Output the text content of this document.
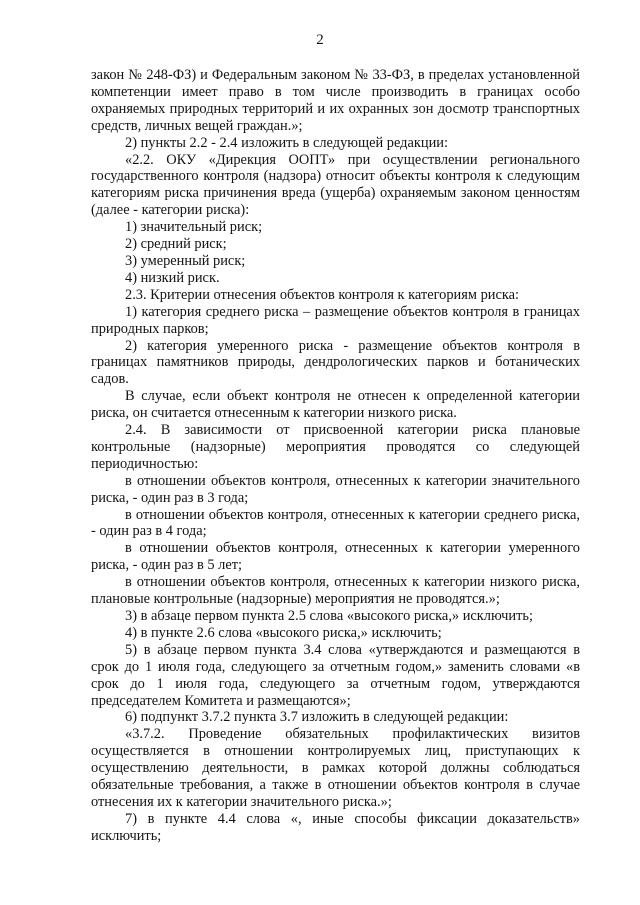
2

закон № 248-ФЗ) и Федеральным законом № 33-ФЗ, в пределах установленной компетенции имеет право в том числе производить в границах особо охраняемых природных территорий и их охранных зон досмотр транспортных средств, личных вещей граждан.»;

2) пункты 2.2 - 2.4 изложить в следующей редакции:

«2.2. ОКУ «Дирекция ООПТ» при осуществлении регионального государственного контроля (надзора) относит объекты контроля к следующим категориям риска причинения вреда (ущерба) охраняемым законом ценностям (далее - категории риска):

1) значительный риск;

2) средний риск;

3) умеренный риск;

4) низкий риск.

2.3. Критерии отнесения объектов контроля к категориям риска:

1) категория среднего риска – размещение объектов контроля в границах природных парков;

2) категория умеренного риска - размещение объектов контроля в границах памятников природы, дендрологических парков и ботанических садов.

В случае, если объект контроля не отнесен к определенной категории риска, он считается отнесенным к категории низкого риска.

2.4. В зависимости от присвоенной категории риска плановые контрольные (надзорные) мероприятия проводятся со следующей периодичностью:

в отношении объектов контроля, отнесенных к категории значительного риска, - один раз в 3 года;

в отношении объектов контроля, отнесенных к категории среднего риска, - один раз в 4 года;

в отношении объектов контроля, отнесенных к категории умеренного риска, - один раз в 5 лет;

в отношении объектов контроля, отнесенных к категории низкого риска, плановые контрольные (надзорные) мероприятия не проводятся.»;

3) в абзаце первом пункта 2.5 слова «высокого риска,» исключить;

4) в пункте 2.6 слова «высокого риска,» исключить;

5) в абзаце первом пункта 3.4 слова «утверждаются и размещаются в срок до 1 июля года, следующего за отчетным годом,» заменить словами «в срок до 1 июля года, следующего за отчетным годом, утверждаются председателем Комитета и размещаются»;

6) подпункт 3.7.2 пункта 3.7 изложить в следующей редакции:

«3.7.2. Проведение обязательных профилактических визитов осуществляется в отношении контролируемых лиц, приступающих к осуществлению деятельности, в рамках которой должны соблюдаться обязательные требования, а также в отношении объектов контроля в случае отнесения их к категории значительного риска.»;

7) в пункте 4.4 слова «, иные способы фиксации доказательств» исключить;
